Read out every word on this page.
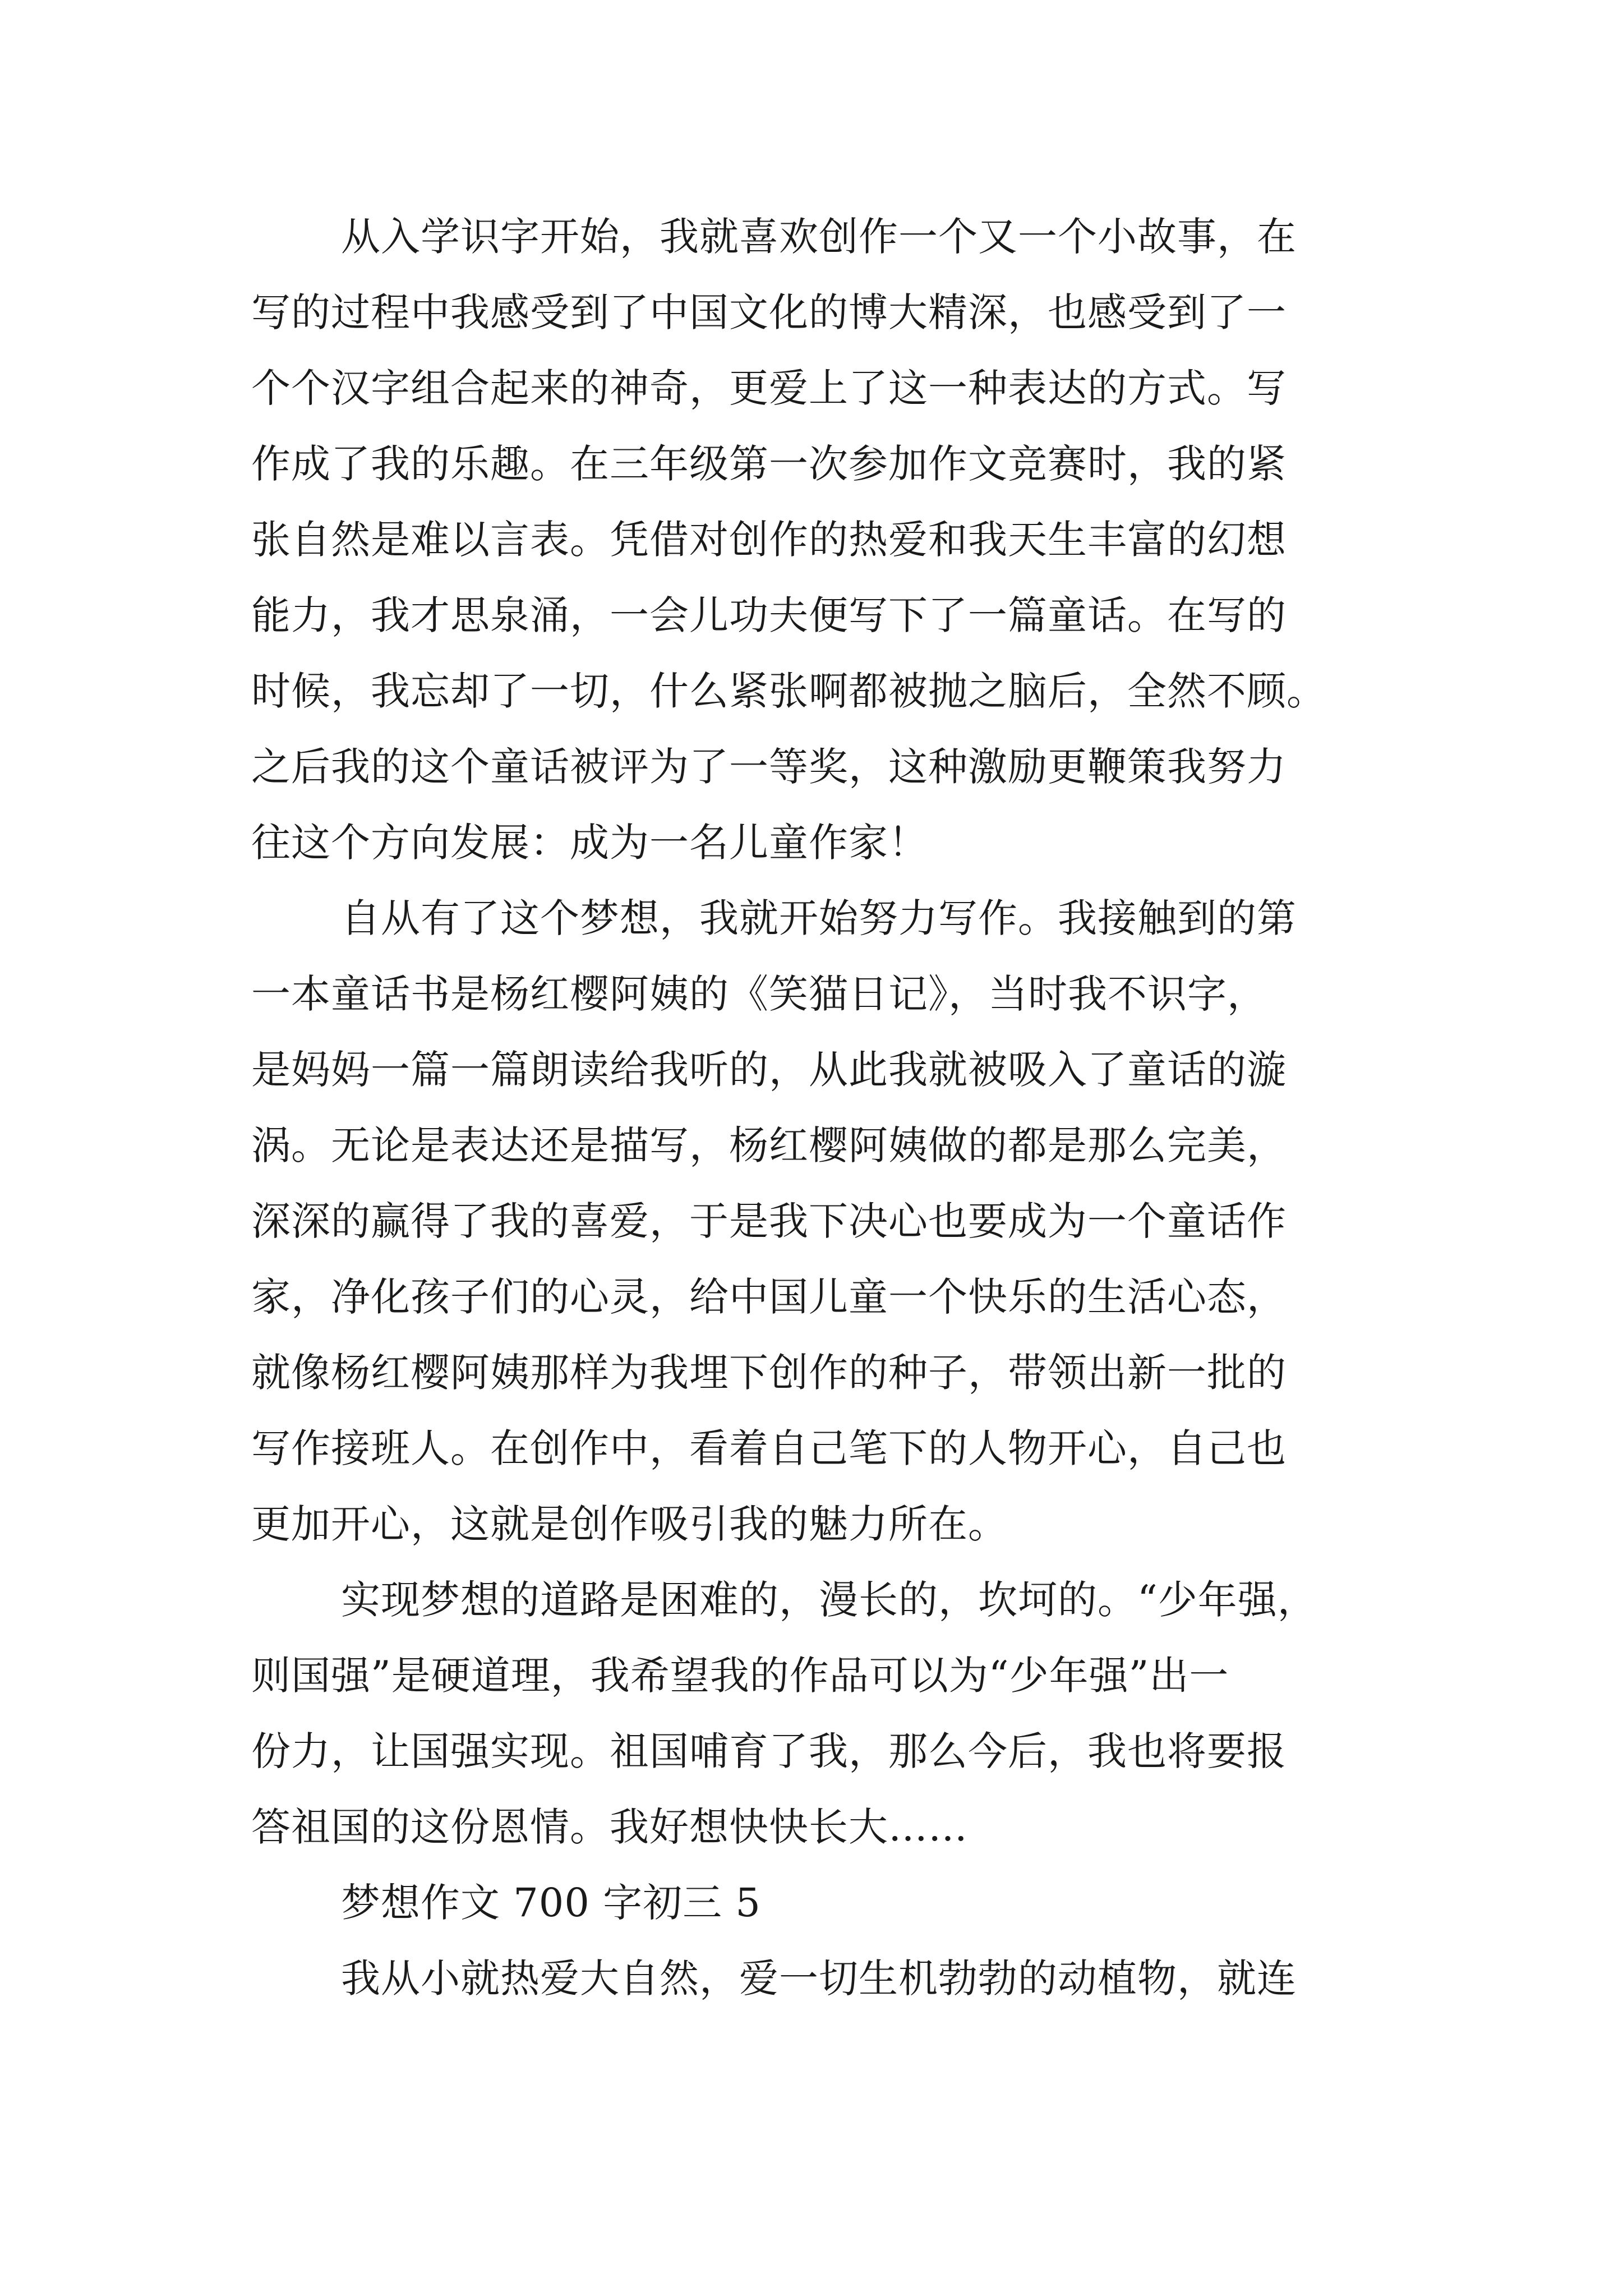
从入学识字开始，我就喜欢创作一个又一个小故事，在
写的过程中我感受到了中国文化的博大精深，也感受到了一
个个汉字组合起来的神奇，更爱上了这一种表达的方式。写
作成了我的乐趣。在三年级第一次参加作文竞赛时，我的紧
张自然是难以言表。凭借对创作的热爱和我天生丰富的幻想
能力，我才思泉涌，一会儿功夫便写下了一篇童话。在写的
时候，我忘却了一切，什么紧张啊都被抛之脑后，全然不顾。
之后我的这个童话被评为了一等奖，这种激励更鞭策我努力
往这个方向发展：成为一名儿童作家！
自从有了这个梦想，我就开始努力写作。我接触到的第
一本童话书是杨红樱阿姨的《笑猫日记》，当时我不识字，
是妈妈一篇一篇朗读给我听的，从此我就被吸入了童话的漩
涡。无论是表达还是描写，杨红樱阿姨做的都是那么完美，
深深的赢得了我的喜爱，于是我下决心也要成为一个童话作
家，净化孩子们的心灵，给中国儿童一个快乐的生活心态，
就像杨红樱阿姨那样为我埋下创作的种子，带领出新一批的
写作接班人。在创作中，看着自己笔下的人物开心，自己也
更加开心，这就是创作吸引我的魅力所在。
实现梦想的道路是困难的，漫长的，坎坷的。“少年强，
则国强”是硬道理，我希望我的作品可以为“少年强”出一
份力，让国强实现。祖国哺育了我，那么今后，我也将要报
答祖国的这份恩情。我好想快快长大……
梦想作文 700 字初三 5
我从小就热爱大自然，爱一切生机勃勃的动植物，就连
